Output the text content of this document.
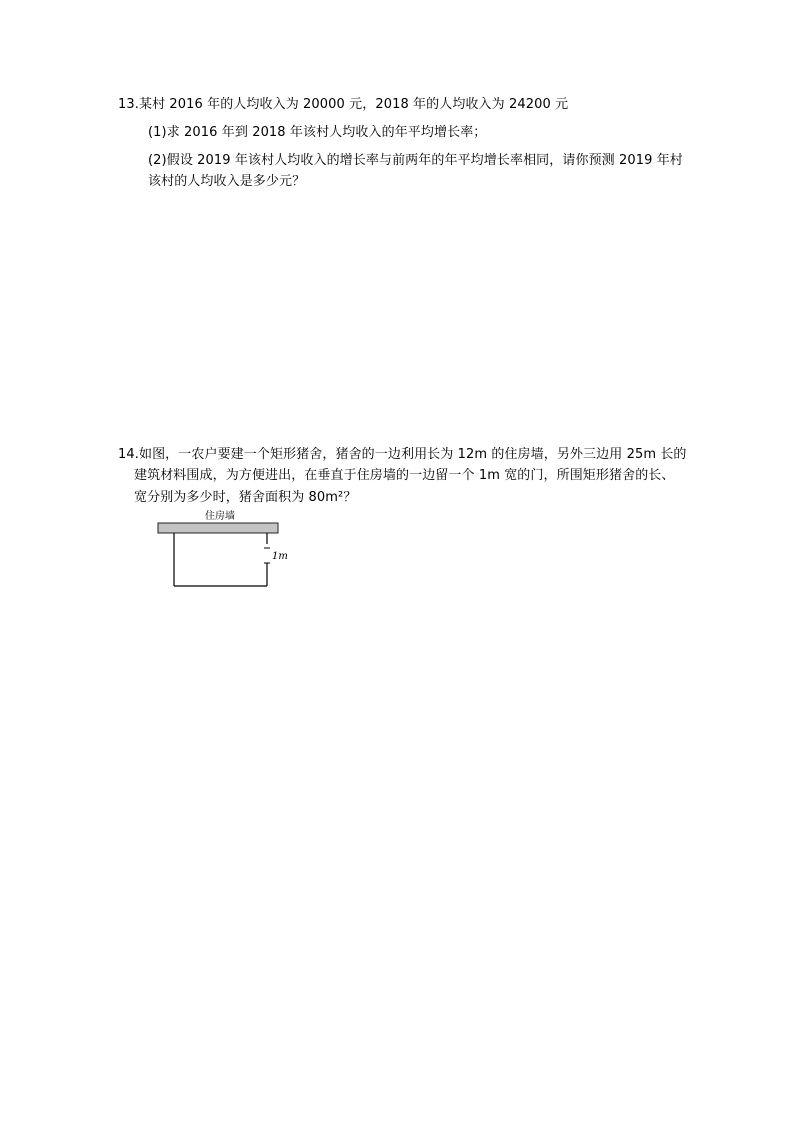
13.某村 2016 年的人均收入为 20000 元，2018 年的人均收入为 24200 元
(1)求 2016 年到 2018 年该村人均收入的年平均增长率；
(2)假设 2019 年该村人均收入的增长率与前两年的年平均增长率相同，请你预测 2019 年村
该村的人均收入是多少元？
14.如图，一农户要建一个矩形猪舍，猪舍的一边利用长为 12m 的住房墙，另外三边用 25m 长的
建筑材料围成，为方便进出，在垂直于住房墙的一边留一个 1m 宽的门，所围矩形猪舍的长、
宽分别为多少时，猪舍面积为 80m²？
住房墙
1m
